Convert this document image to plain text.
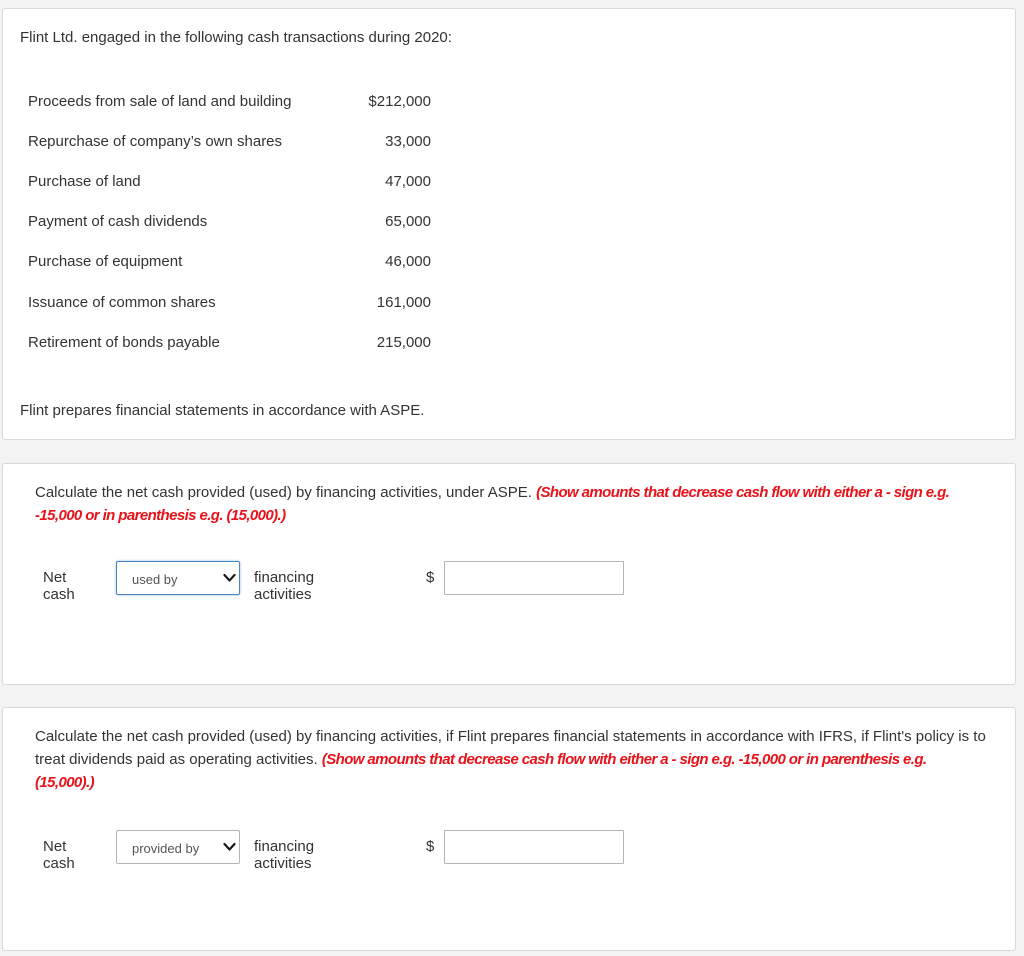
Flint Ltd. engaged in the following cash transactions during 2020:
Proceeds from sale of land and building	$212,000
Repurchase of company’s own shares	33,000
Purchase of land	47,000
Payment of cash dividends	65,000
Purchase of equipment	46,000
Issuance of common shares	161,000
Retirement of bonds payable	215,000
Flint prepares financial statements in accordance with ASPE.
Calculate the net cash provided (used) by financing activities, under ASPE. (Show amounts that decrease cash flow with either a - sign e.g. -15,000 or in parenthesis e.g. (15,000).)
Net cash
used by	financing activities
$
Calculate the net cash provided (used) by financing activities, if Flint prepares financial statements in accordance with IFRS, if Flint's policy is to treat dividends paid as operating activities. (Show amounts that decrease cash flow with either a - sign e.g. -15,000 or in parenthesis e.g. (15,000).)
Net cash
provided by	financing activities
$
